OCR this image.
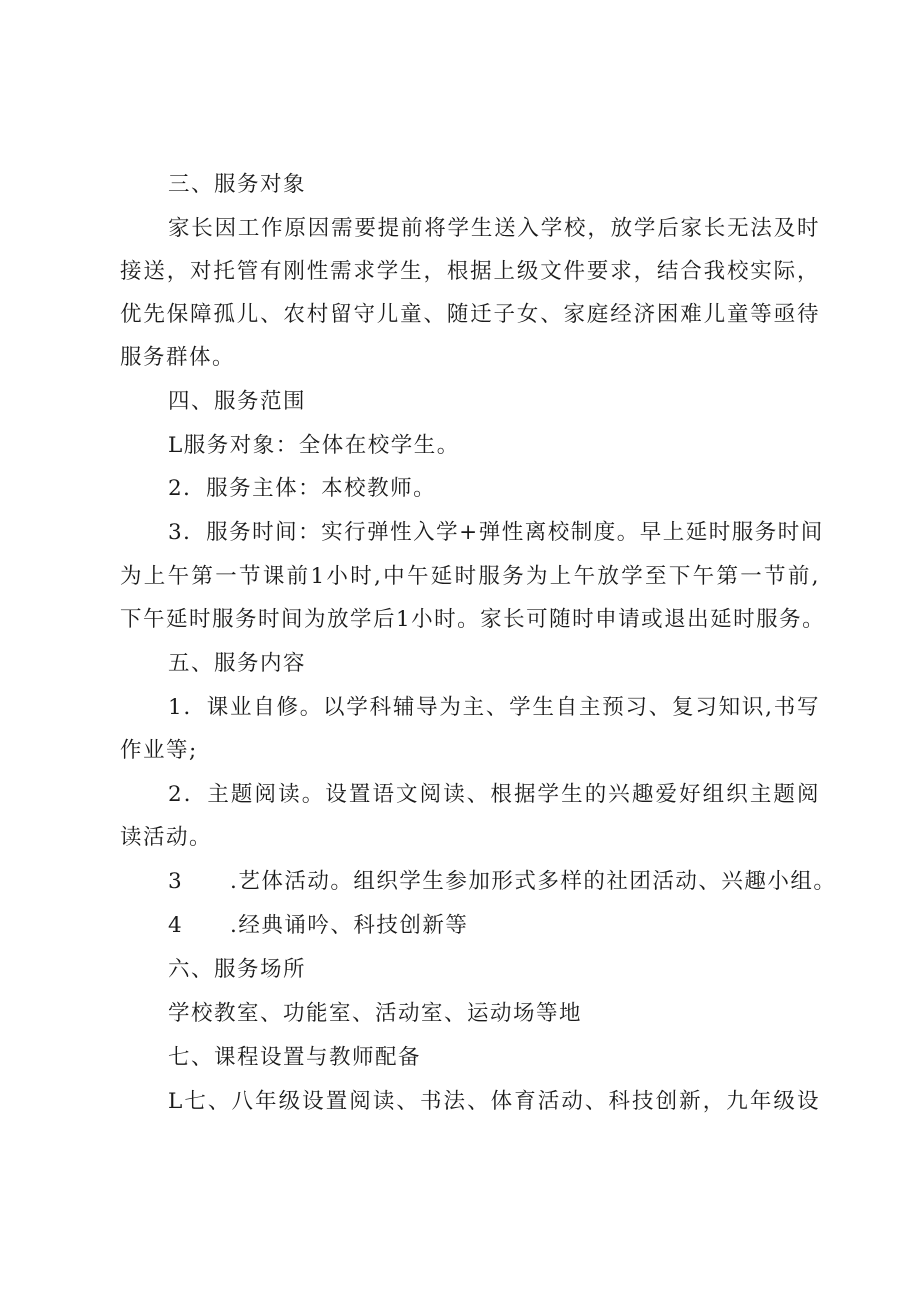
三、服务对象
家长因工作原因需要提前将学生送入学校，放学后家长无法及时
接送，对托管有刚性需求学生，根据上级文件要求，结合我校实际，
优先保障孤儿、农村留守儿童、随迁子女、家庭经济困难儿童等亟待
服务群体。
四、服务范围
L服务对象：全体在校学生。
2．服务主体：本校教师。
3．服务时间：实行弹性入学+弹性离校制度。早上延时服务时间
为上午第一节课前1小时,中午延时服务为上午放学至下午第一节前,
下午延时服务时间为放学后1小时。家长可随时申请或退出延时服务。
五、服务内容
1．课业自修。以学科辅导为主、学生自主预习、复习知识,书写
作业等;
2．主题阅读。设置语文阅读、根据学生的兴趣爱好组织主题阅
读活动。
3 .艺体活动。组织学生参加形式多样的社团活动、兴趣小组。
4 .经典诵吟、科技创新等
六、服务场所
学校教室、功能室、活动室、运动场等地
七、课程设置与教师配备
L七、八年级设置阅读、书法、体育活动、科技创新，九年级设
